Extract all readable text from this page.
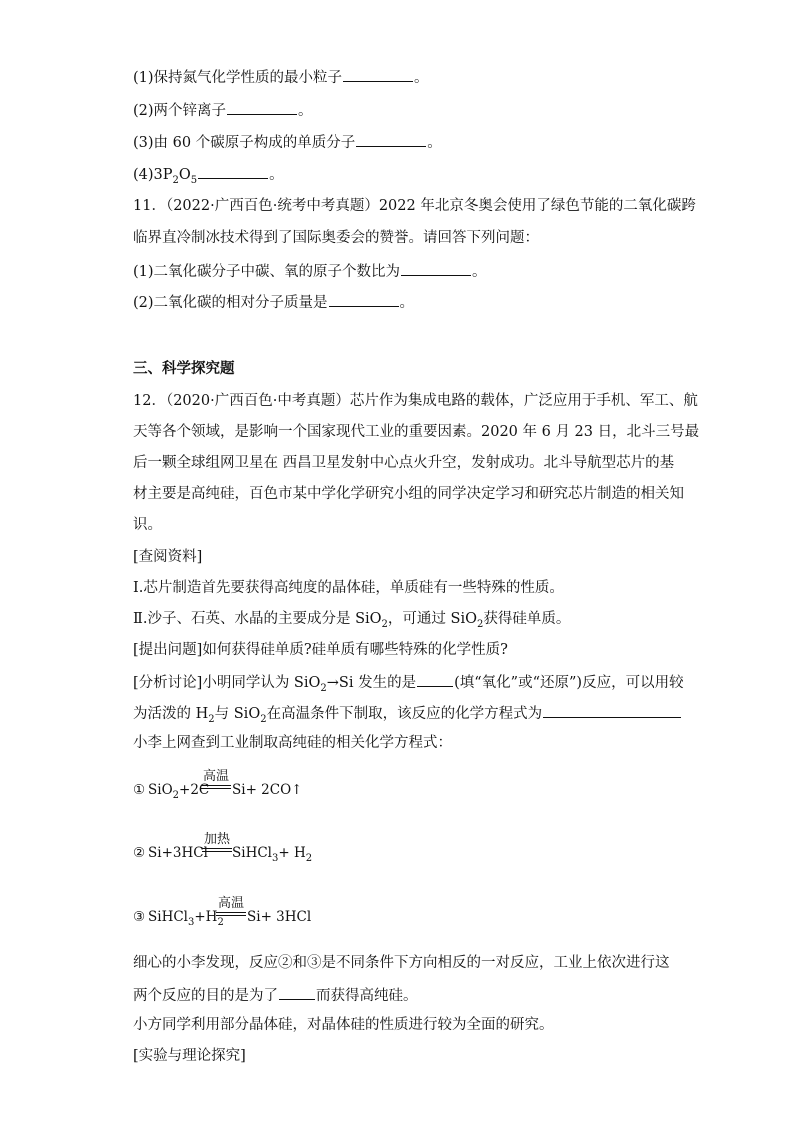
(1)保持氮气化学性质的最小粒子	。
(2)两个锌离子	。
(3)由 60 个碳原子构成的单质分子	。
$(4)3P_2O_5$	。
11．（2022·广西百色·统考中考真题）2022 年北京冬奥会使用了绿色节能的二氧化碳跨
临界直冷制冰技术得到了国际奥委会的赞誉。请回答下列问题：
(1)二氧化碳分子中碳、氧的原子个数比为	。
(2)二氧化碳的相对分子质量是	。
三、科学探究题
12．（2020·广西百色·中考真题）芯片作为集成电路的载体，广泛应用于手机、军工、航
天等各个领域，是影响一个国家现代工业的重要因素。2020 年 6 月 23 日，北斗三号最
后一颗全球组网卫星在 西昌卫星发射中心点火升空，发射成功。北斗导航型芯片的基
材主要是高纯硅，百色市某中学化学研究小组的同学决定学习和研究芯片制造的相关知
识。
[查阅资料]
Ⅰ.芯片制造首先要获得高纯度的晶体硅，单质硅有一些特殊的性质。
Ⅱ.沙子、石英、水晶的主要成分是 SiO$_2$，可通过 SiO$_2$获得硅单质。
[提出问题]如何获得硅单质?硅单质有哪些特殊的化学性质?
[分析讨论]小明同学认为 SiO$_2$→Si 发生的是	(填“氧化”或“还原”)反应，可以用较
为活泼的 $H_2$与 SiO$_2$在高温条件下制取，该反应的化学方程式为
小李上网查到工业制取高纯硅的相关化学方程式：
① SiO$_2$+2C
高温
Si+ 2CO↑
② Si+3HCl
加热
SiHCl$_3$+ $H_2$
③ $SiHCl_3+H_2$
高温
Si+ 3HCl
细心的小李发现，反应②和③是不同条件下方向相反的一对反应，工业上依次进行这
两个反应的目的是为了	而获得高纯硅。
小方同学利用部分晶体硅，对晶体硅的性质进行较为全面的研究。
[实验与理论探究]
